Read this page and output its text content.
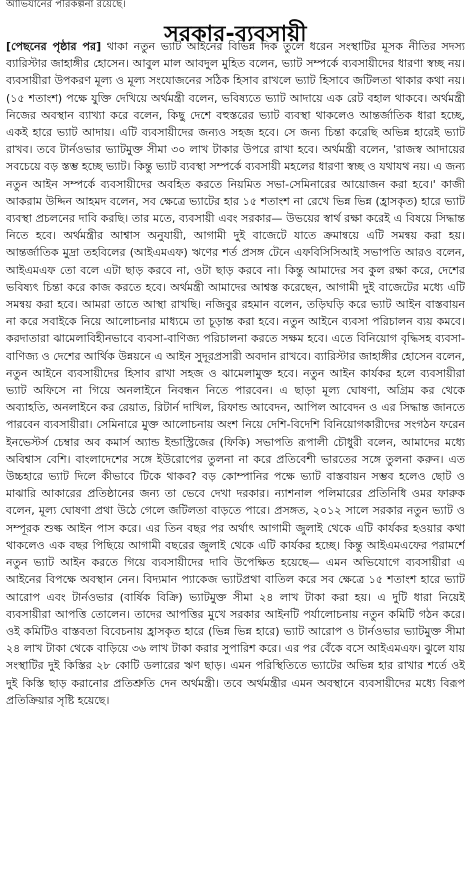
আভিযানের পরিকল্পনা রয়েছে।
সরকার-ব্যবসায়ী

[পেছনের পৃষ্ঠার পর] থাকা নতুন ভ্যাট আইনের বিভিন্ন দিক তুলে ধরেন সংস্থাটির মূসক নীতির সদস্য ব্যারিস্টার জাহাঙ্গীর হোসেন। আবুল মাল আবদুল মুহিত বলেন, ভ্যাট সম্পর্কে ব্যবসায়ীদের ধারণা স্বচ্ছ নয়। ব্যবসায়ীরা উপকরণ মূল্য ও মূল্য সংযোজনের সঠিক হিসাব রাখলে ভ্যাট হিসাবে জটিলতা থাকার কথা নয়। (১৫ শতাংশ) পক্ষে যুক্তি দেখিয়ে অর্থমন্ত্রী বলেন, ভবিষ্যতে ভ্যাট আদায়ে এক রেট বহাল থাকবে। অর্থমন্ত্রী নিজের অবস্থান ব্যাখ্যা করে বলেন, কিছু দেশে বহুস্তরের ভ্যাট ব্যবস্থা থাকলেও আন্তর্জাতিক ধারা হচ্ছে, একই হারে ভ্যাট আদায়। এটি ব্যবসায়ীদের জন্যও সহজ হবে। সে জন্য চিন্তা করেছি অভিন্ন হারেই ভ্যাট রাখব। তবে টার্নওভার ভ্যাটমুক্ত সীমা ৩০ লাখ টাকার উপরে রাখা হবে। অর্থমন্ত্রী বলেন, 'রাজস্ব আদায়ের সবচেয়ে বড় স্তম্ভ হচ্ছে ভ্যাট। কিন্তু ভ্যাট ব্যবস্থা সম্পর্কে ব্যবসায়ী মহলের ধারণা স্বচ্ছ ও যথাযথ নয়। এ জন্য নতুন আইন সম্পর্কে ব্যবসায়ীদের অবহিত করতে নিয়মিত সভা-সেমিনারের আয়োজন করা হবে।' কাজী আকরাম উদ্দিন আহমদ বলেন, সব ক্ষেত্রে ভ্যাটের হার ১৫ শতাংশ না রেখে ভিন্ন ভিন্ন (হ্রাসকৃত) হারে ভ্যাট ব্যবস্থা প্রচলনের দাবি করছি। তার মতে, ব্যবসায়ী এবং সরকার— উভয়ের স্বার্থ রক্ষা করেই এ বিষয়ে সিদ্ধান্ত নিতে হবে। অর্থমন্ত্রীর আশ্বাস অনুযায়ী, আগামী দুই বাজেটে যাতে ক্রমান্বয়ে এটি সমন্বয় করা হয়। আন্তর্জাতিক মুদ্রা তহবিলের (আইএমএফ) ঋণের শর্ত প্রসঙ্গ টেনে এফবিসিসিআই সভাপতি আরও বলেন, আইএমএফ তো বলে এটা ছাড় করবে না, ওটা ছাড় করবে না। কিন্তু আমাদের সব কুল রক্ষা করে, দেশের ভবিষ্যৎ চিন্তা করে কাজ করতে হবে। অর্থমন্ত্রী আমাদের আশ্বস্ত করেছেন, আগামী দুই বাজেটের মধ্যে এটি সমন্বয় করা হবে। আমরা তাতে আস্থা রাখছি। নজিবুর রহমান বলেন, তড়িঘড়ি করে ভ্যাট আইন বাস্তবায়ন না করে সবাইকে নিয়ে আলোচনার মাধ্যমে তা চূড়ান্ত করা হবে। নতুন আইনে ব্যবসা পরিচালন ব্যয় কমবে। করদাতারা ঝামেলাবিহীনভাবে ব্যবসা-বাণিজ্য পরিচালনা করতে সক্ষম হবে। এতে বিনিয়োগ বৃদ্ধিসহ ব্যবসা-বাণিজ্য ও দেশের আর্থিক উন্নয়নে এ আইন সুদূরপ্রসারী অবদান রাখবে। ব্যারিস্টার জাহাঙ্গীর হোসেন বলেন, নতুন আইনে ব্যবসায়ীদের হিসাব রাখা সহজ ও ঝামেলামুক্ত হবে। নতুন আইন কার্যকর হলে ব্যবসায়ীরা ভ্যাট অফিসে না গিয়ে অনলাইনে নিবন্ধন নিতে পারবেন। এ ছাড়া মূল্য ঘোষণা, অগ্রিম কর থেকে অব্যাহতি, অনলাইনে কর রেয়াত, রিটার্ন দাখিল, রিফান্ড আবেদন, আপিল আবেদন ও এর সিদ্ধান্ত জানতে পারবেন ব্যবসায়ীরা। সেমিনারে মুক্ত আলোচনায় অংশ নিয়ে দেশি-বিদেশি বিনিয়োগকারীদের সংগঠন ফরেন ইনভেস্টর্স চেম্বার অব কমার্স অ্যান্ড ইন্ডাস্ট্রিজের (ফিকি) সভাপতি রূপালী চৌধুরী বলেন, আমাদের মধ্যে অবিশ্বাস বেশি। বাংলাদেশের সঙ্গে ইউরোপের তুলনা না করে প্রতিবেশী ভারতের সঙ্গে তুলনা করুন। এত উচ্চহারে ভ্যাট দিলে কীভাবে টিকে থাকব? বড় কোম্পানির পক্ষে ভ্যাট বাস্তবায়ন সম্ভব হলেও ছোট ও মাঝারি আকারের প্রতিষ্ঠানের জন্য তা ভেবে দেখা দরকার। ন্যাশনাল পলিমারের প্রতিনিধি ওমর ফারুক বলেন, মূল্য ঘোষণা প্রথা উঠে গেলে জটিলতা বাড়তে পারে। প্রসঙ্গত, ২০১২ সালে সরকার নতুন ভ্যাট ও সম্পূরক শুল্ক আইন পাস করে। এর তিন বছর পর অর্থাৎ আগামী জুলাই থেকে এটি কার্যকর হওয়ার কথা থাকলেও এক বছর পিছিয়ে আগামী বছরের জুলাই থেকে এটি কার্যকর হচ্ছে। কিন্তু আইএমএফের পরামর্শে নতুন ভ্যাট আইন করতে গিয়ে ব্যবসায়ীদের দাবি উপেক্ষিত হয়েছে— এমন অভিযোগে ব্যবসায়ীরা এ আইনের বিপক্ষে অবস্থান নেন। বিদ্যমান প্যাকেজ ভ্যাটপ্রথা বাতিল করে সব ক্ষেত্রে ১৫ শতাংশ হারে ভ্যাট আরোপ এবং টার্নওভার (বার্ষিক বিক্রি) ভ্যাটমুক্ত সীমা ২৪ লাখ টাকা করা হয়। এ দুটি ধারা নিয়েই ব্যবসায়ীরা আপত্তি তোলেন। তাদের আপত্তির মুখে সরকার আইনটি পর্যালোচনায় নতুন কমিটি গঠন করে। ওই কমিটিও বাস্তবতা বিবেচনায় হ্রাসকৃত হারে (ভিন্ন ভিন্ন হারে) ভ্যাট আরোপ ও টার্নওভার ভ্যাটমুক্ত সীমা ২৪ লাখ টাকা থেকে বাড়িয়ে ৩৬ লাখ টাকা করার সুপারিশ করে। এর পর বেঁকে বসে আইএমএফ। ঝুলে যায় সংস্থাটির দুই কিস্তির ২৮ কোটি ডলারের ঋণ ছাড়। এমন পরিস্থিতিতে ভ্যাটের অভিন্ন হার রাখার শর্তে ওই দুই কিস্তি ছাড় করানোর প্রতিশ্রুতি দেন অর্থমন্ত্রী। তবে অর্থমন্ত্রীর এমন অবস্থানে ব্যবসায়ীদের মধ্যে বিরূপ প্রতিক্রিয়ার সৃষ্টি হয়েছে।
